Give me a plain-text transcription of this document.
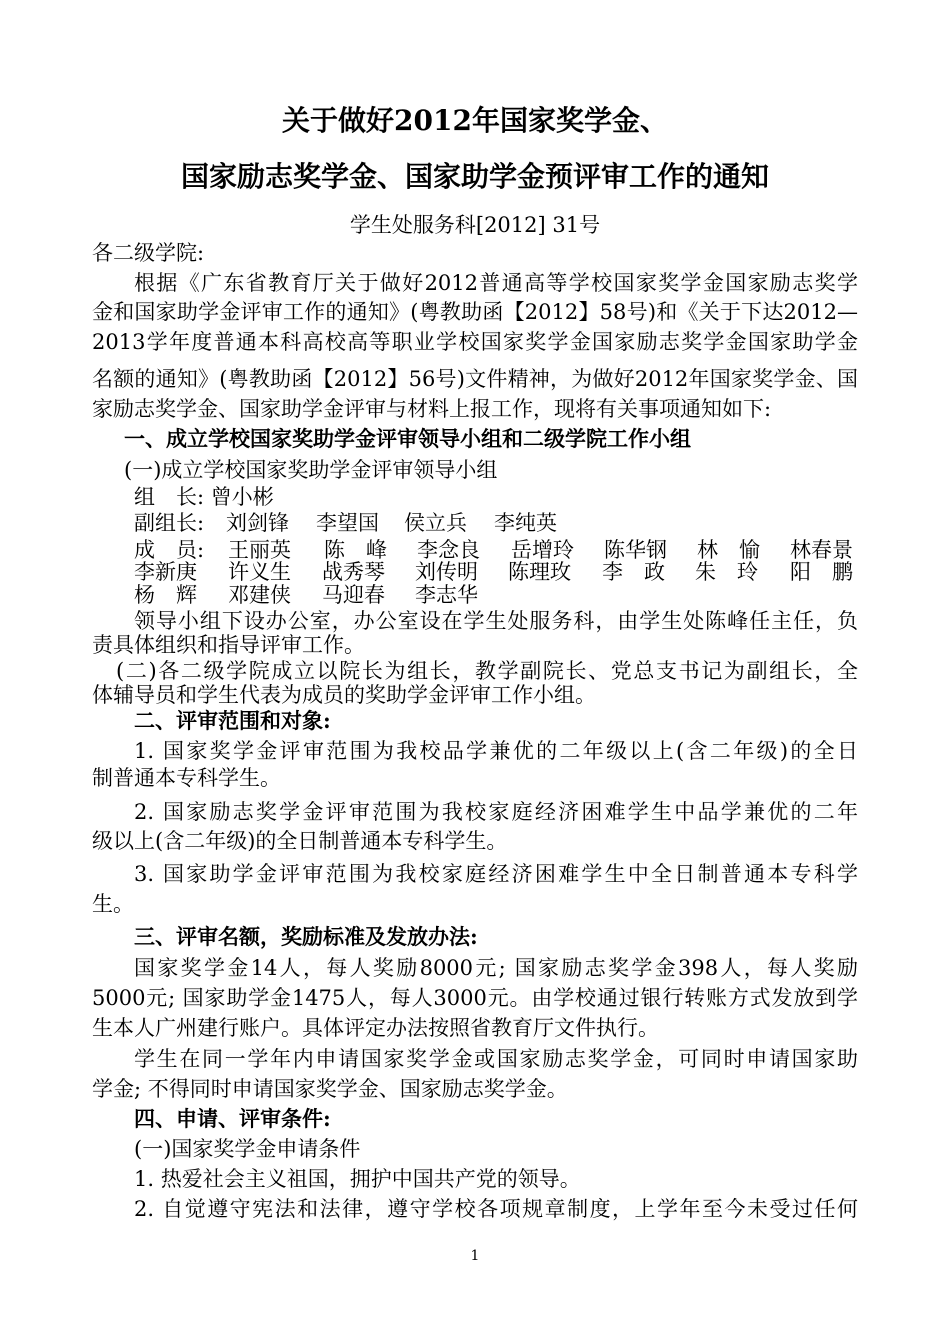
关于做好2012年国家奖学金、
国家励志奖学金、国家助学金预评审工作的通知
学生处服务科[2012] 31号
各二级学院:
根据《广东省教育厅关于做好2012普通高等学校国家奖学金国家励志奖学
金和国家助学金评审工作的通知》(粤教助函【2012】58号)和《关于下达2012—
2013学年度普通本科高校高等职业学校国家奖学金国家励志奖学金国家助学金
名额的通知》(粤教助函【2012】56号)文件精神，为做好2012年国家奖学金、国
家励志奖学金、国家助学金评审与材料上报工作，现将有关事项通知如下:
一、成立学校国家奖助学金评审领导小组和二级学院工作小组
(一)成立学校国家奖助学金评审领导小组
组　长: 曾小彬
副组长: 刘剑锋 李望国 侯立兵 李纯英
成　员: 王丽英 陈　峰 李念良 岳增玲 陈华钢 林　愉 林春景
李新庚 许义生 战秀琴 刘传明 陈理玫 李　政 朱　玲 阳　鹏
杨　辉 邓建侠 马迎春 李志华
领导小组下设办公室，办公室设在学生处服务科，由学生处陈峰任主任，负
责具体组织和指导评审工作。
(二)各二级学院成立以院长为组长，教学副院长、党总支书记为副组长，全
体辅导员和学生代表为成员的奖助学金评审工作小组。
二、评审范围和对象:
1. 国家奖学金评审范围为我校品学兼优的二年级以上(含二年级)的全日
制普通本专科学生。
2. 国家励志奖学金评审范围为我校家庭经济困难学生中品学兼优的二年
级以上(含二年级)的全日制普通本专科学生。
3. 国家助学金评审范围为我校家庭经济困难学生中全日制普通本专科学
生。
三、评审名额，奖励标准及发放办法:
国家奖学金14人，每人奖励8000元; 国家励志奖学金398人，每人奖励
5000元; 国家助学金1475人，每人3000元。由学校通过银行转账方式发放到学
生本人广州建行账户。具体评定办法按照省教育厅文件执行。
学生在同一学年内申请国家奖学金或国家励志奖学金，可同时申请国家助
学金; 不得同时申请国家奖学金、国家励志奖学金。
四、申请、评审条件:
(一)国家奖学金申请条件
1. 热爱社会主义祖国，拥护中国共产党的领导。
2. 自觉遵守宪法和法律，遵守学校各项规章制度，上学年至今未受过任何
1
